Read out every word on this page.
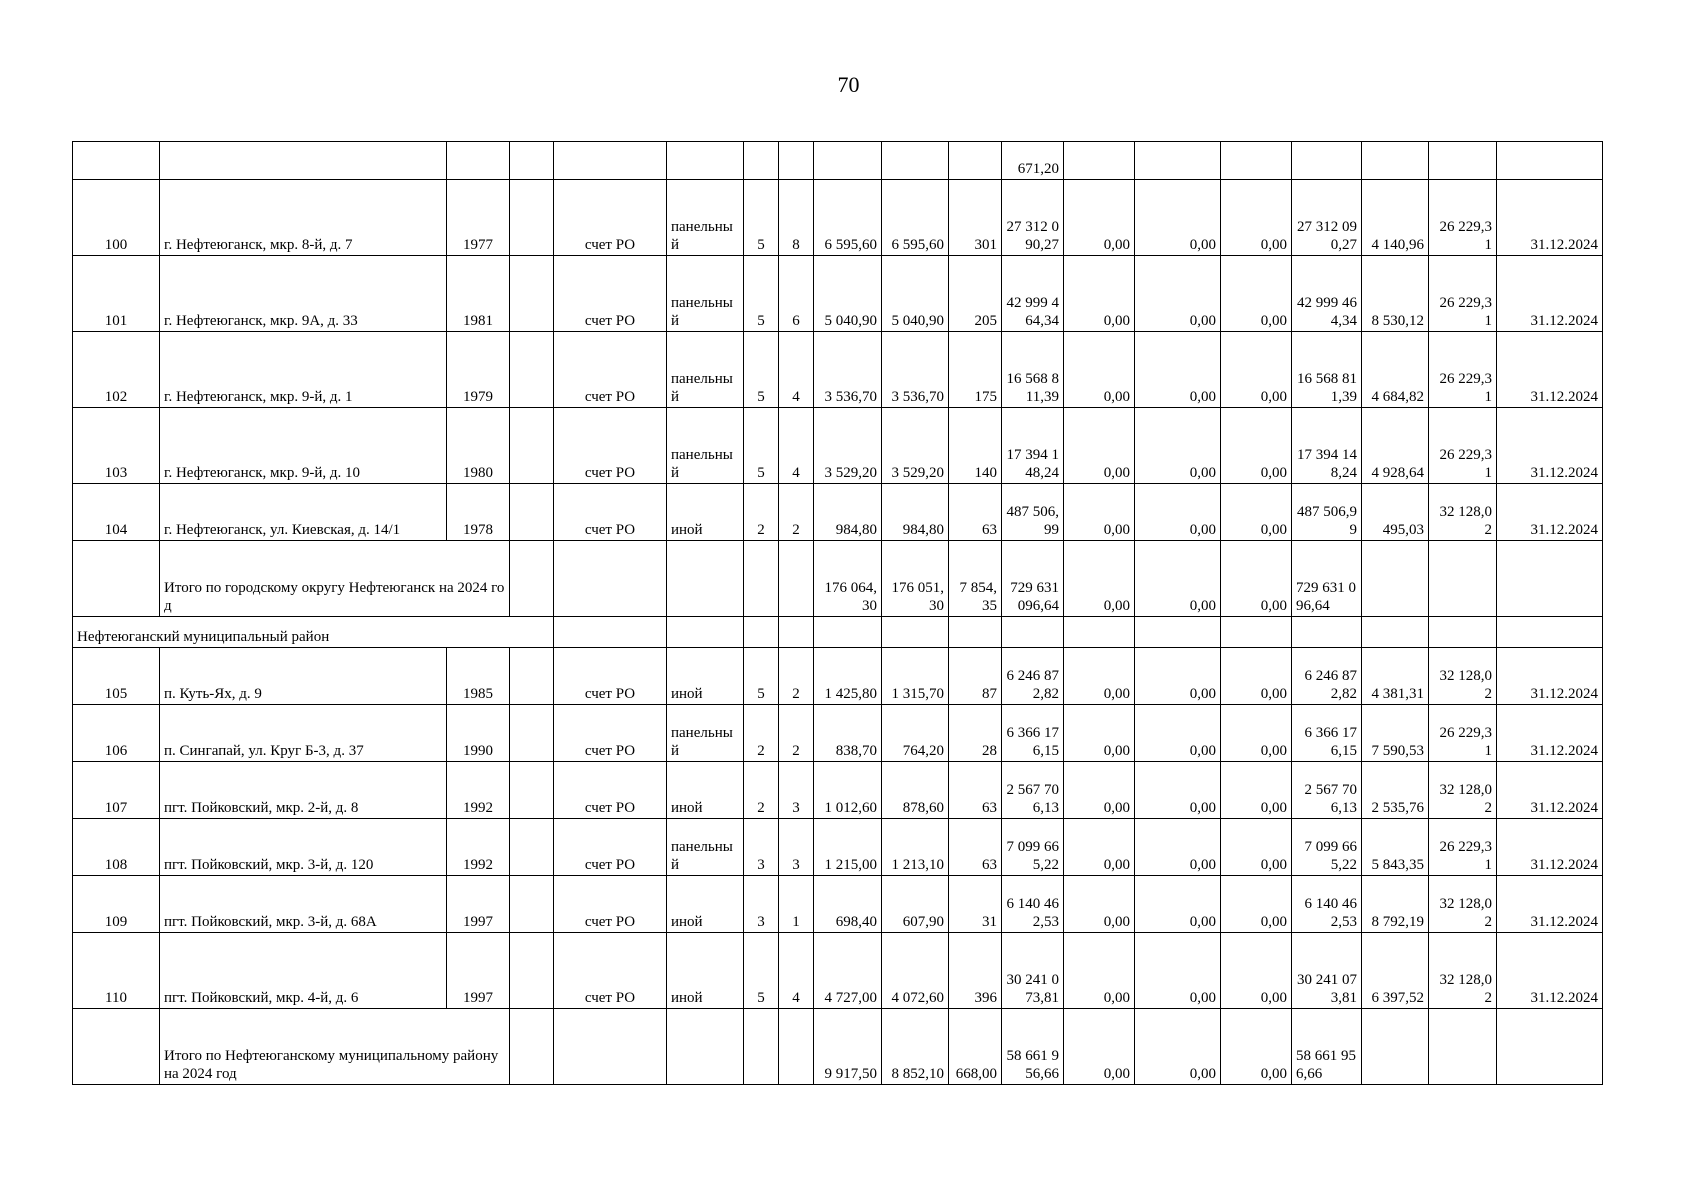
70
											671,20							
100	г. Нефтеюганск, мкр. 8-й, д. 7	1977		счет РО	панельный	5	8	6 595,60	6 595,60	301	27 312 090,27	0,00	0,00	0,00	27 312 090,27	4 140,96	26 229,31	31.12.2024
101	г. Нефтеюганск, мкр. 9А, д. 33	1981		счет РО	панельный	5	6	5 040,90	5 040,90	205	42 999 464,34	0,00	0,00	0,00	42 999 464,34	8 530,12	26 229,31	31.12.2024
102	г. Нефтеюганск, мкр. 9-й, д. 1	1979		счет РО	панельный	5	4	3 536,70	3 536,70	175	16 568 811,39	0,00	0,00	0,00	16 568 811,39	4 684,82	26 229,31	31.12.2024
103	г. Нефтеюганск, мкр. 9-й, д. 10	1980		счет РО	панельный	5	4	3 529,20	3 529,20	140	17 394 148,24	0,00	0,00	0,00	17 394 148,24	4 928,64	26 229,31	31.12.2024
104	г. Нефтеюганск, ул. Киевская, д. 14/1	1978		счет РО	иной	2	2	984,80	984,80	63	487 506,99	0,00	0,00	0,00	487 506,99	495,03	32 128,02	31.12.2024
	Итого по городскому округу Нефтеюганск на 2024 год							176 064,30	176 051,30	7 854,35	729 631 096,64	0,00	0,00	0,00	729 631 096,64			
Нефтеюганский муниципальный район																		
105	п. Куть-Ях, д. 9	1985		счет РО	иной	5	2	1 425,80	1 315,70	87	6 246 872,82	0,00	0,00	0,00	6 246 872,82	4 381,31	32 128,02	31.12.2024
106	п. Сингапай, ул. Круг Б-3, д. 37	1990		счет РО	панельный	2	2	838,70	764,20	28	6 366 176,15	0,00	0,00	0,00	6 366 176,15	7 590,53	26 229,31	31.12.2024
107	пгт. Пойковский, мкр. 2-й, д. 8	1992		счет РО	иной	2	3	1 012,60	878,60	63	2 567 706,13	0,00	0,00	0,00	2 567 706,13	2 535,76	32 128,02	31.12.2024
108	пгт. Пойковский, мкр. 3-й, д. 120	1992		счет РО	панельный	3	3	1 215,00	1 213,10	63	7 099 665,22	0,00	0,00	0,00	7 099 665,22	5 843,35	26 229,31	31.12.2024
109	пгт. Пойковский, мкр. 3-й, д. 68А	1997		счет РО	иной	3	1	698,40	607,90	31	6 140 462,53	0,00	0,00	0,00	6 140 462,53	8 792,19	32 128,02	31.12.2024
110	пгт. Пойковский, мкр. 4-й, д. 6	1997		счет РО	иной	5	4	4 727,00	4 072,60	396	30 241 073,81	0,00	0,00	0,00	30 241 073,81	6 397,52	32 128,02	31.12.2024
	Итого по Нефтеюганскому муниципальному району на 2024 год							9 917,50	8 852,10	668,00	58 661 956,66	0,00	0,00	0,00	58 661 956,66			
